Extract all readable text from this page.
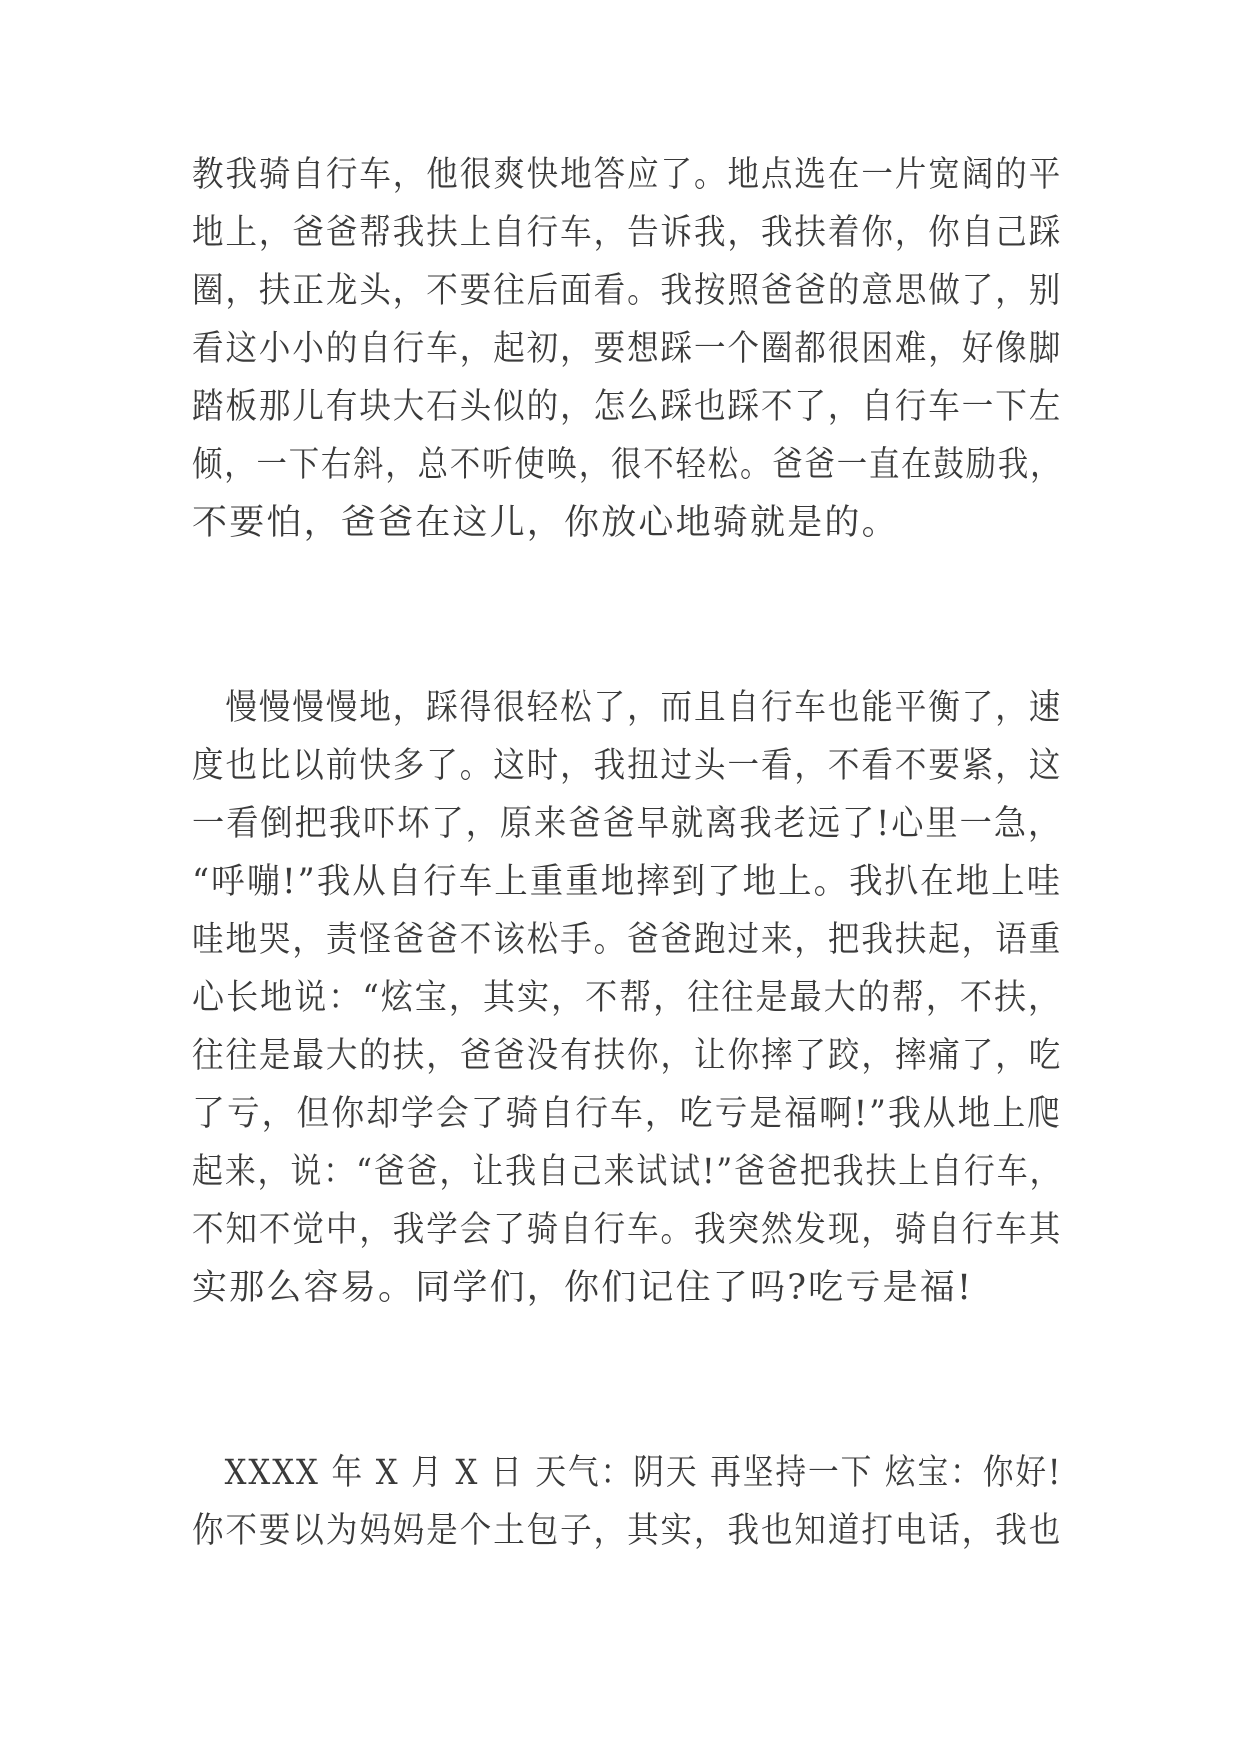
教我骑自行车，他很爽快地答应了。地点选在一片宽阔的平
地上，爸爸帮我扶上自行车，告诉我，我扶着你，你自己踩
圈，扶正龙头，不要往后面看。我按照爸爸的意思做了，别
看这小小的自行车，起初，要想踩一个圈都很困难，好像脚
踏板那儿有块大石头似的，怎么踩也踩不了，自行车一下左
倾，一下右斜，总不听使唤，很不轻松。爸爸一直在鼓励我，
不要怕，爸爸在这儿，你放心地骑就是的。
　慢慢慢慢地，踩得很轻松了，而且自行车也能平衡了，速
度也比以前快多了。这时，我扭过头一看，不看不要紧，这
一看倒把我吓坏了，原来爸爸早就离我老远了!心里一急，
“呼嘣!”我从自行车上重重地摔到了地上。我扒在地上哇
哇地哭，责怪爸爸不该松手。爸爸跑过来，把我扶起，语重
心长地说：“炫宝，其实，不帮，往往是最大的帮，不扶，
往往是最大的扶，爸爸没有扶你，让你摔了跤，摔痛了，吃
了亏，但你却学会了骑自行车，吃亏是福啊!”我从地上爬
起来，说：“爸爸，让我自己来试试!”爸爸把我扶上自行车，
不知不觉中，我学会了骑自行车。我突然发现，骑自行车其
实那么容易。同学们，你们记住了吗?吃亏是福!
　XXXX 年 X 月 X 日 天气：阴天 再坚持一下 炫宝：你好!
你不要以为妈妈是个土包子，其实，我也知道打电话，我也
